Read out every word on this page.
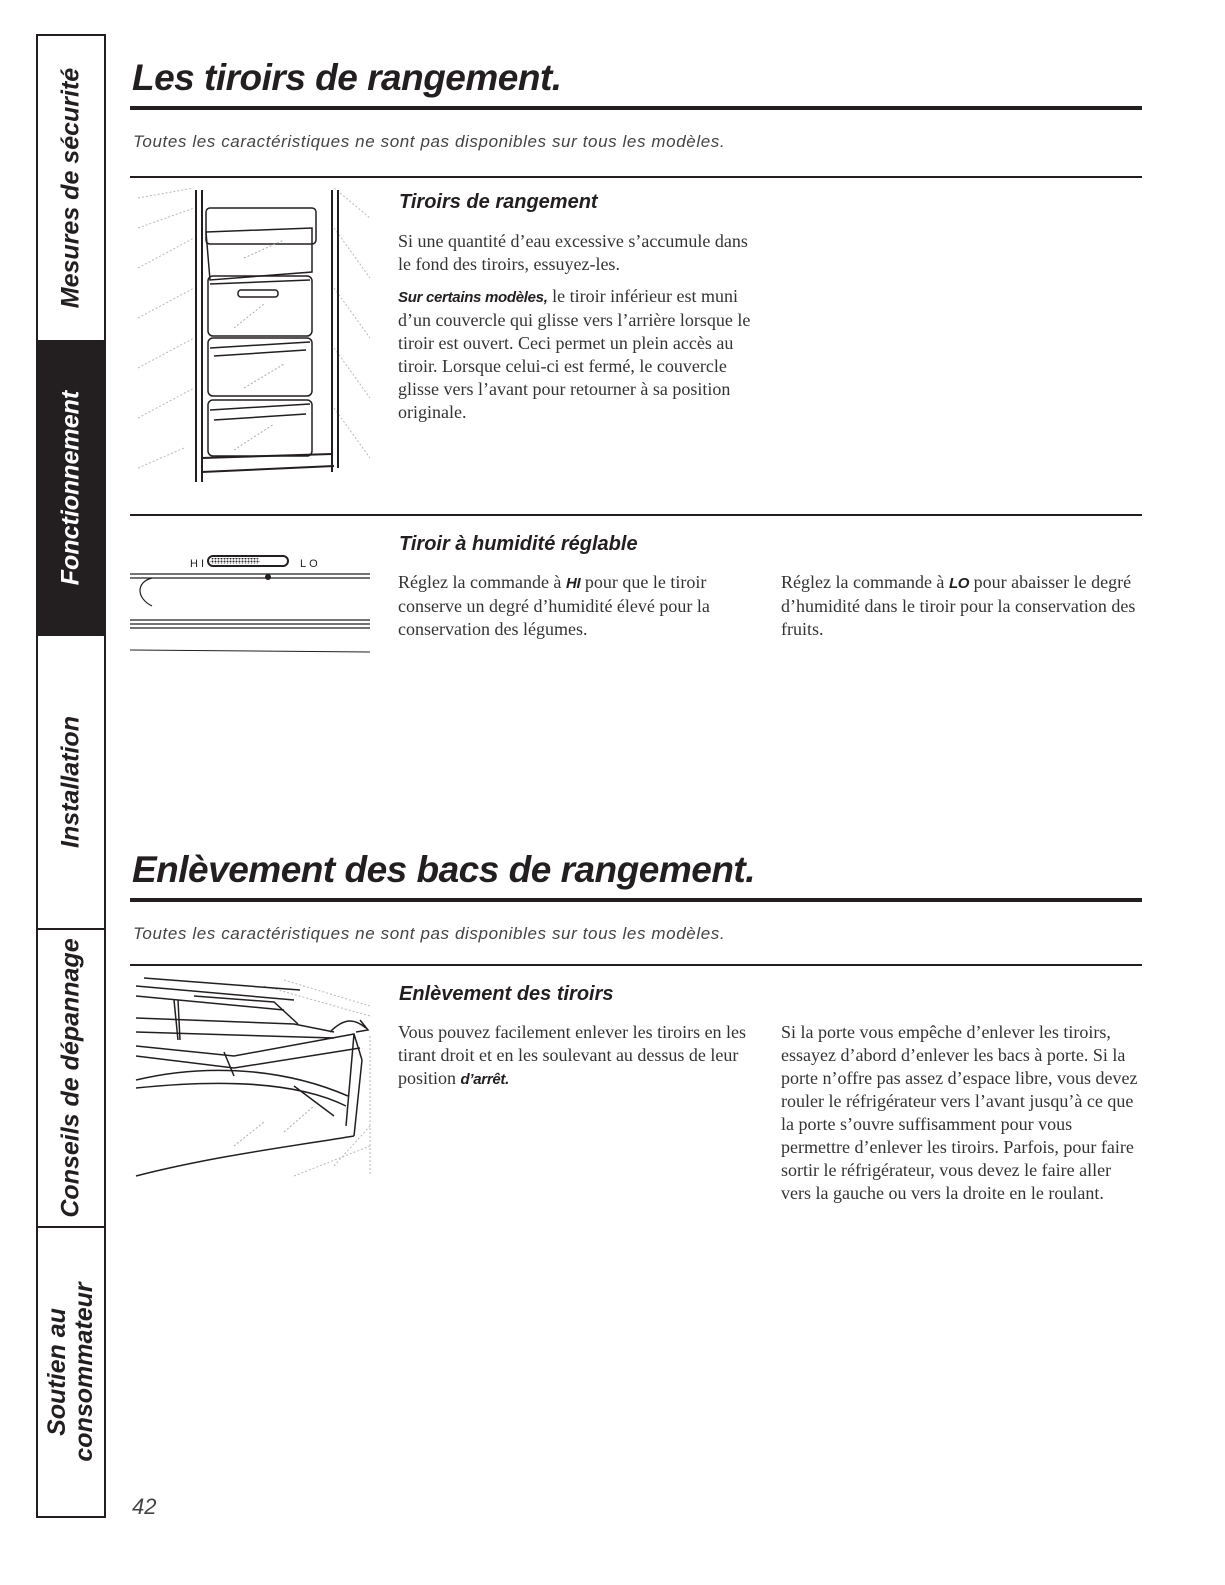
Mesures de sécurité
Fonctionnement
Installation
Conseils de dépannage
Soutien au consommateur
Les tiroirs de rangement.
Toutes les caractéristiques ne sont pas disponibles sur tous les modèles.
Tiroirs de rangement

Si une quantité d’eau excessive s’accumule dans le fond des tiroirs, essuyez-les.

Sur certains modèles, le tiroir inférieur est muni d’un couvercle qui glisse vers l’arrière lorsque le tiroir est ouvert. Ceci permet un plein accès au tiroir. Lorsque celui-ci est fermé, le couvercle glisse vers l’avant pour retourner à sa position originale.

HI	LO
Tiroir à humidité réglable

Réglez la commande à HI pour que le tiroir conserve un degré d’humidité élevé pour la conservation des légumes.

Réglez la commande à LO pour abaisser le degré d’humidité dans le tiroir pour la conservation des fruits.

Enlèvement des bacs de rangement.
Toutes les caractéristiques ne sont pas disponibles sur tous les modèles.
Enlèvement des tiroirs

Vous pouvez facilement enlever les tiroirs en les tirant droit et en les soulevant au dessus de leur position d’arrêt.

Si la porte vous empêche d’enlever les tiroirs, essayez d’abord d’enlever les bacs à porte. Si la porte n’offre pas assez d’espace libre, vous devez rouler le réfrigérateur vers l’avant jusqu’à ce que la porte s’ouvre suffisamment pour vous permettre d’enlever les tiroirs. Parfois, pour faire sortir le réfrigérateur, vous devez le faire aller vers la gauche ou vers la droite en le roulant.

42
